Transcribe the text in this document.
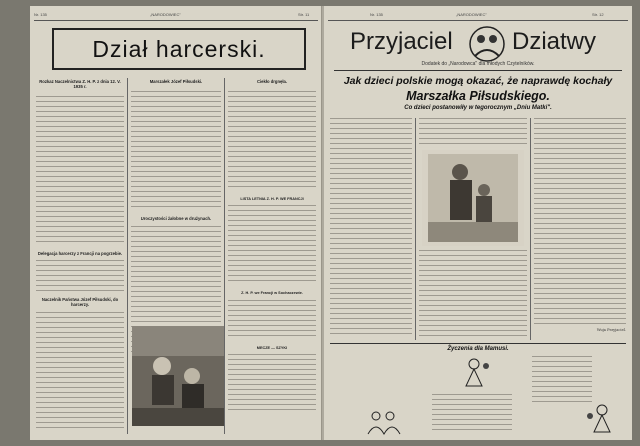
Nr. 135	„NARODOWIEC"	Str. 11
Dział harcerski.
Rozkaz Naczelnictwa Z. H. P. z dnia 12. V. 1935 r.
Delegacja harcerzy z Francji na pogrzebie.
Naczelnik Państwa Józef Piłsudski, do harcerzy.
Marszałek Józef Piłsudski.
Uroczystości żałobne w drużynach.
Ciekło drgnęła.
LISTA LETNIA Z. H. P. WE FRANCJI
Z. H. P. we Francji w Sochaczewie.
MECZE — SZYKI
Nr. 135	„NARODOWIEC"	Str. 12
Przyjaciel Dziatwy
Dodatek do „Narodowca" dla młodych Czytelników.
Jak dzieci polskie mogą okazać, że naprawdę kochały
Marszałka Piłsudskiego.
Co dzieci postanowiły w tegorocznym „Dniu Matki".
Wuja Przyjaciel.
Życzenia dla Mamusi.
